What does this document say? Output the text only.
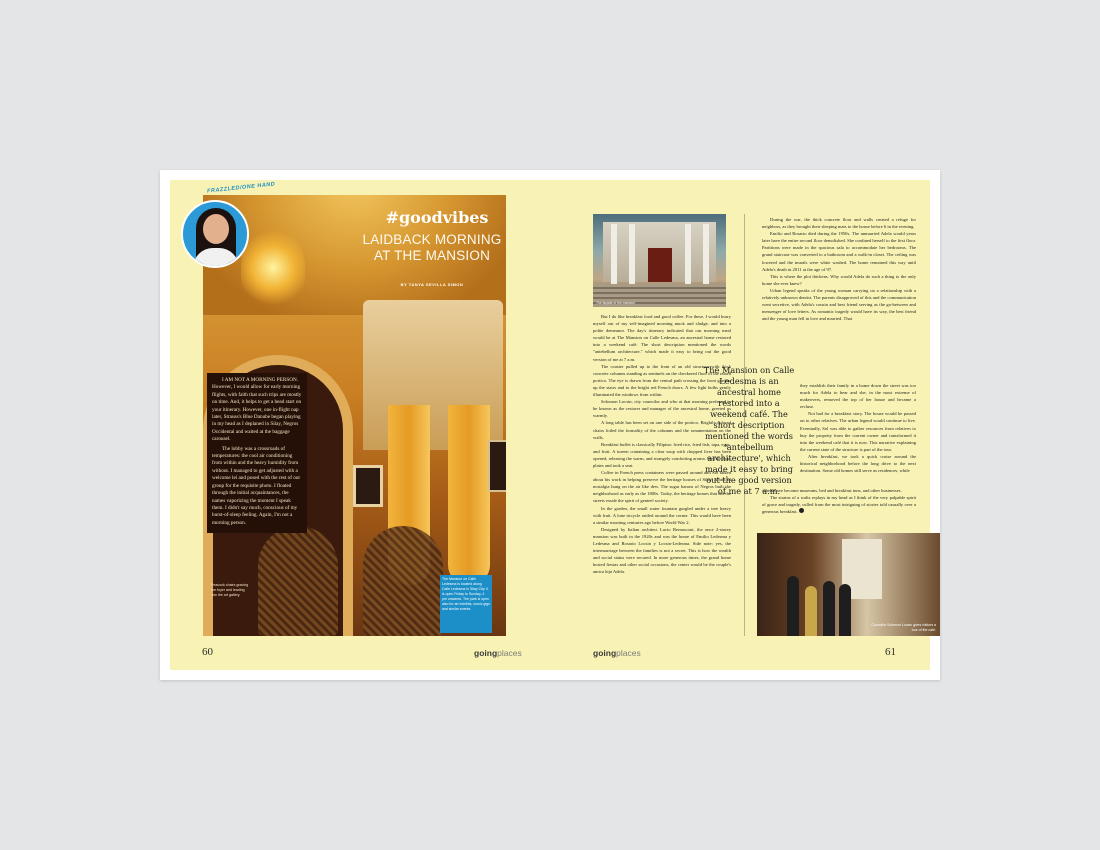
FRAZZLED/ONE HAND
#goodvibes
LAIDBACK MORNING
AT THE MANSION
BY TANYA SEVILLA SIMON

I AM NOT A MORNING PERSON. However, I would allow for early morning flights, with faith that such trips are mostly on time. And, it helps to get a head start on your itinerary. However, one in-flight nap later, Strauss's Blue Danube began playing in my head as I deplaned in Silay, Negros Occidental and waited at the baggage carousel.

The lobby was a crossroads of temperatures: the cool air conditioning from within and the heavy humidity from without. I managed to get adjusted with a welcome lei and posed with the rest of our group for the requisite photo. I floated through the initial acquaintances, the names vaporizing the moment I speak them. I didn't say much, conscious of my burst-of-sleep feeling. Again, I'm not a morning person.

Peacock chairs gracing the foyer and leading into the art gallery.
The Mansion on Calle Ledesma is located along Calle Ledesma in Silay City. It is open Friday to Sunday, 4 pm onwards. The park is open also for art exhibits, music gigs and similar events.
60	goingplaces
The façade of the mansion.

But I do like breakfast food and good coffee. For these, I would hurry myself out of my self-imagined morning muck and sludge, and into a polite demeanor. The day's itinerary indicated that our morning meal would be at The Mansion on Calle Ledesma, an ancestral home restored into a weekend café. The short description mentioned the words "antebellum architecture," which made it easy to bring out the good version of me at 7 a.m.

The coaster pulled up to the front of an old structure with thick concrete columns standing as sentinels on the checkered floor of the raised portico. The eye is drawn from the central path crossing the front garden, up the stairs and to the bright red French doors. A few light bulbs gently illuminated the windows from within.

Solomon Locsin, city councilor and who at that morning preferred to be known as the restorer and manager of the ancestral home, greeted us warmly.

A long table has been set on one side of the portico. Brightly colored chairs foiled the formality of the columns and the ornamentation on the walls.

Breakfast buffet is classically Filipino: fried rice, fried fish, tapa, eggs, and fruit. A tureen containing a clear soup with chopped liver has been opened, releasing the warm, and strangely comforting aroma. We filled our plates and took a seat.

Coffee in French press containers were passed around and Sol talked about his work in helping preserve the heritage houses of Silay. A hint of nostalgia hung on the air like dew. The sugar barons of Negros built the neighborhood as early as the 1800s. Today, the heritage homes that dot the streets exude the spirit of genteel society.

In the garden, the small water fountain gurgled under a tree heavy with fruit. A lone tricycle rattled around the corner. This would have been a similar morning centuries ago before World War 2.

Designed by Italian architect Lucio Bernasconi, the once 2-storey mansion was built in the 1920s and was the home of Emilio Ledesma y Ledesma and Rosario Locsin y Locsin-Ledesma. Side note: yes, the intermarriage between the families is not a secret. This is how the wealth and social status were secured. In more generous times, the grand home hosted fiestas and other social occasions, the center would be the couple's amica hija Adela.

During the war, the thick concrete floor and walls created a refuge for neighbors, as they brought their sleeping mats to the house before 6 in the evening.

Emilio and Rosario died during the 1950s. The unmarried Adela would years later have the entire second floor demolished. She confined herself to the first floor. Partitions were made in the spacious sala to accommodate her bedrooms. The grand staircase was converted to a bathroom and a walk-in closet. The ceiling was lowered and the murals were white washed. The home remained this way until Adela's death in 2011 at the age of 97.

This is where the plot thickens. Why would Adela do such a thing to the only home she ever knew?

Urban legend speaks of the young woman carrying on a relationship with a relatively unknown dentist. The parents disapproved of this and the communication went secretive, with Adela's cousin and best friend serving as the go-between and messenger of love letters. As romantic tragedy would have its way, the best friend and the young man fell in love and married. That

The Mansion on Calle Ledesma is an ancestral home restored into a weekend café. The short description mentioned the words 'antebellum architecture', which made it easy to bring out the good version of me at 7 a.m.

they establish their family in a home down the street was too much for Adela to bear and she, in the most extreme of makeovers, removed the top of her house and became a recluse.

Not bad for a breakfast story. The house would be passed on to other relatives. The urban legend would continue to live. Eventually, Sol was able to gather resources from relatives to buy the property from the current owner and transformed it into the weekend café that it is now. This narrative explaining the current state of the structure is part of the tour.

After breakfast, we took a quick cruise around the historical neighborhood before the long drive to the next destination. Some old homes still serve as residences, while

others have become museums, bed and breakfast inns, and other businesses.

The strains of a waltz replays in my head as I think of the very palpable spirit of grace and tragedy, culled from the most intriguing of stories told casually over a generous breakfast.

Councilor Solomon Locsin gives visitors a tour of the café.
goingplaces	61
